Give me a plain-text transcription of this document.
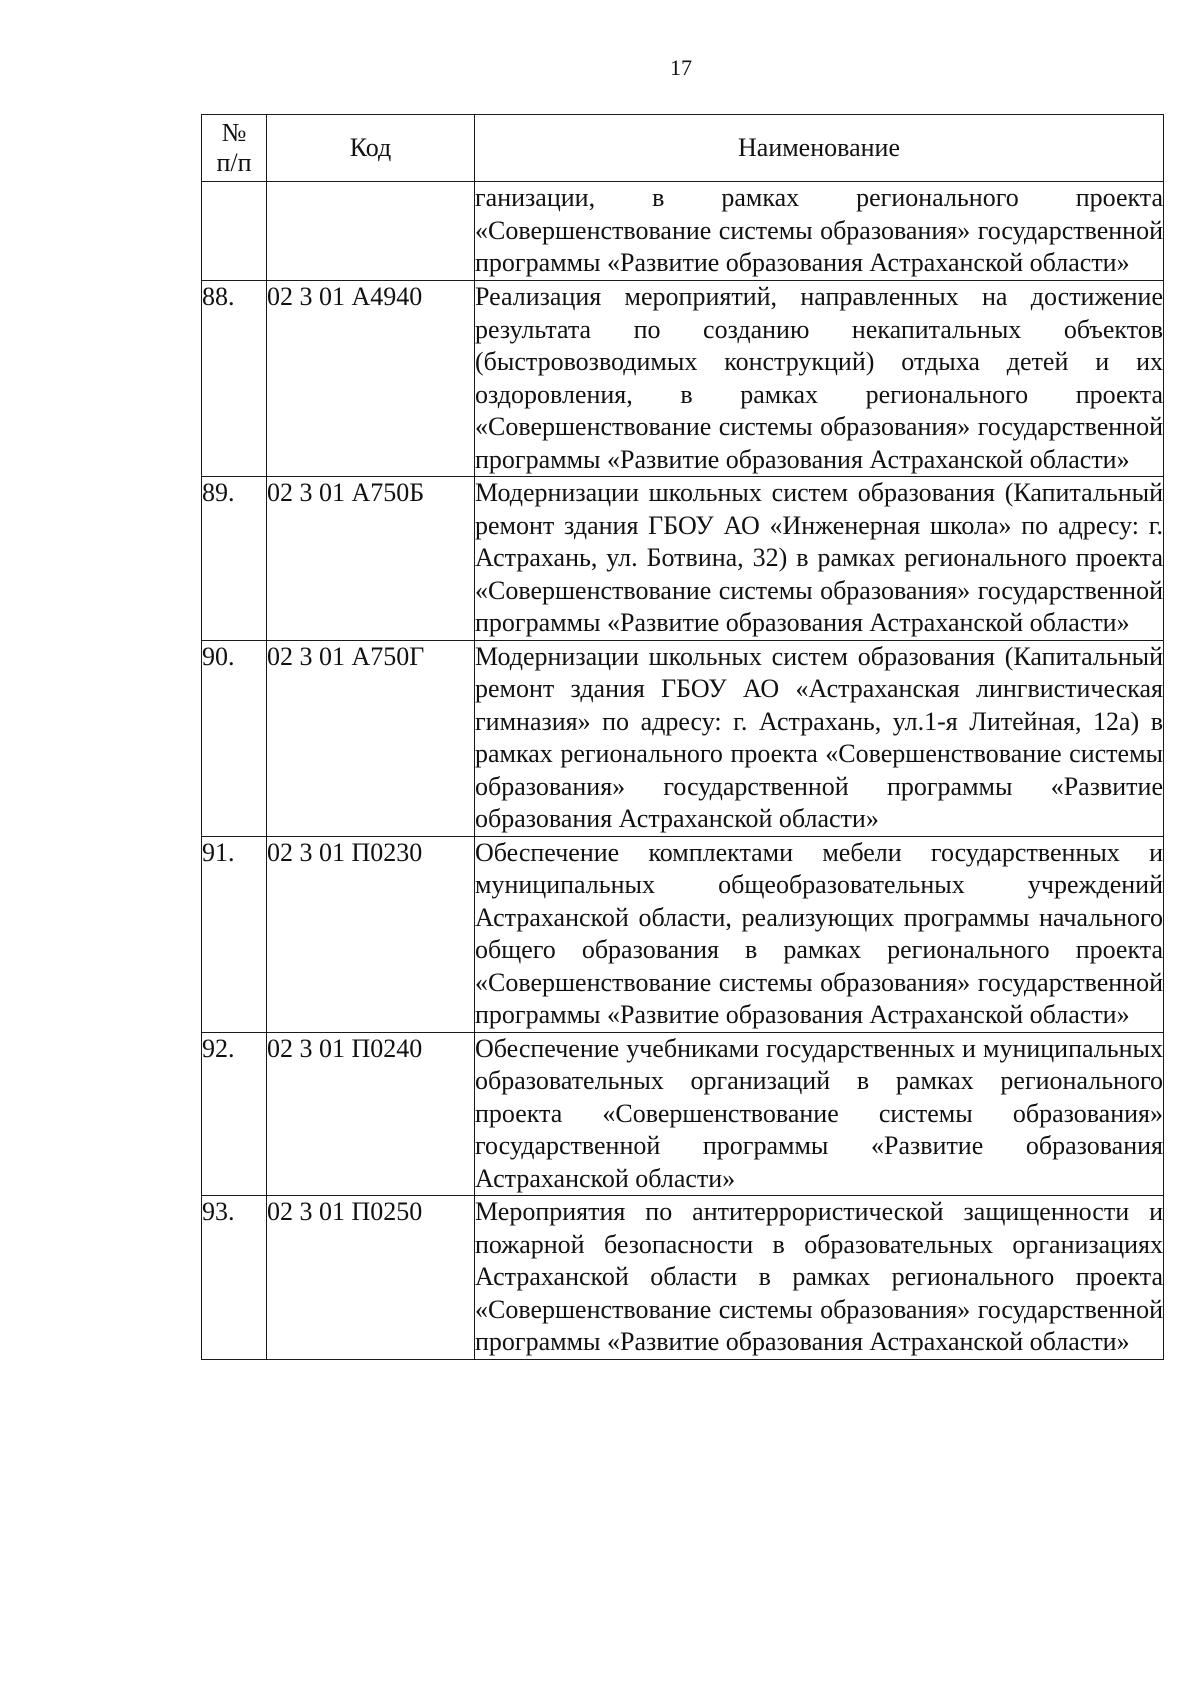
17
№
п/п	Код	Наименование
		ганизации, в рамках регионального проекта «Совершенствование системы образования» государственной программы «Развитие образования Астраханской области»
88.	02 3 01 А4940	Реализация мероприятий, направленных на достижение результата по созданию некапитальных объектов (быстровозводимых конструкций) отдыха детей и их оздоровления, в рамках регионального проекта «Совершенствование системы образования» государственной программы «Развитие образования Астраханской области»
89.	02 3 01 А750Б	Модернизации школьных систем образования (Капитальный ремонт здания ГБОУ АО «Инженерная школа» по адресу: г. Астрахань, ул. Ботвина, 32) в рамках регионального проекта «Совершенствование системы образования» государственной программы «Развитие образования Астраханской области»
90.	02 3 01 А750Г	Модернизации школьных систем образования (Капитальный ремонт здания ГБОУ АО «Астраханская лингвистическая гимназия» по адресу: г. Астрахань, ул.1-я Литейная, 12а) в рамках регионального проекта «Совершенствование системы образования» государственной программы «Развитие образования Астраханской области»
91.	02 3 01 П0230	Обеспечение комплектами мебели государственных и муниципальных общеобразовательных учреждений Астраханской области, реализующих программы начального общего образования в рамках регионального проекта «Совершенствование системы образования» государственной программы «Развитие образования Астраханской области»
92.	02 3 01 П0240	Обеспечение учебниками государственных и муниципальных образовательных организаций в рамках регионального проекта «Совершенствование системы образования» государственной программы «Развитие образования Астраханской области»
93.	02 3 01 П0250	Мероприятия по антитеррористической защищенности и пожарной безопасности в образовательных организациях Астраханской области в рамках регионального проекта «Совершенствование системы образования» государственной программы «Развитие образования Астраханской области»
